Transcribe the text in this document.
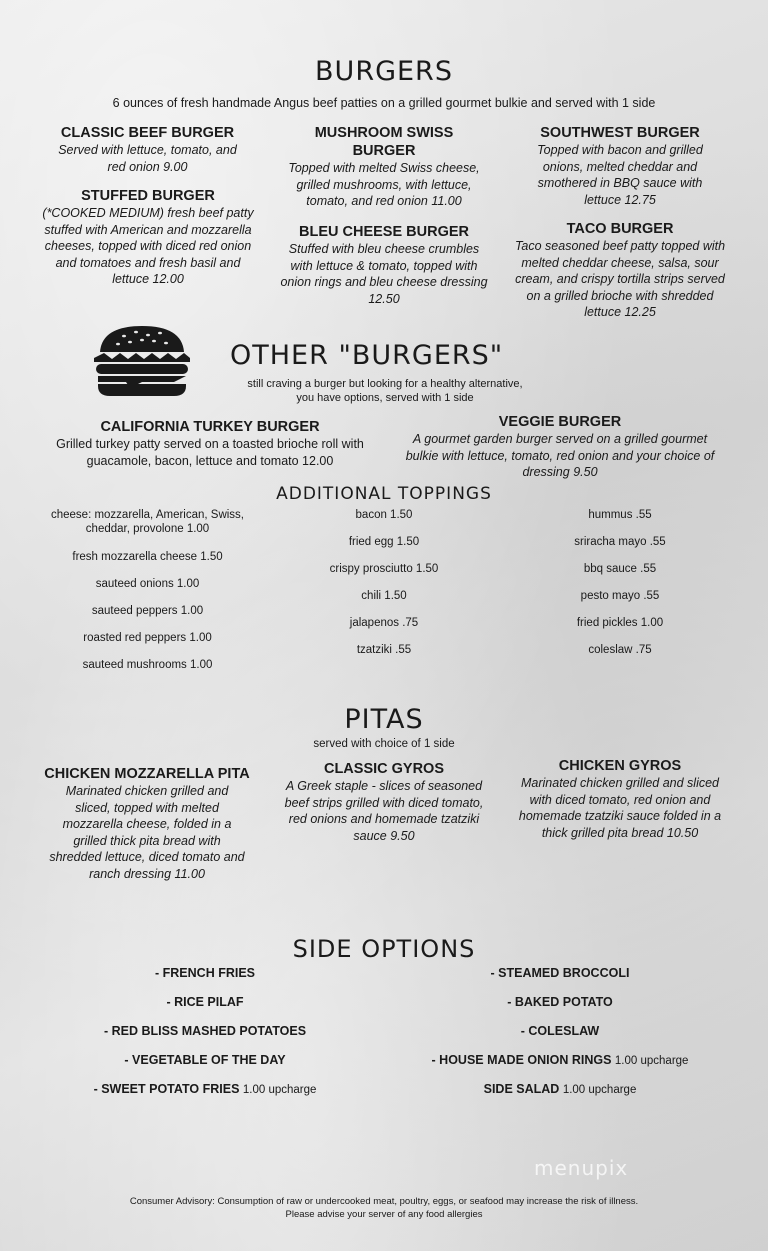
BURGERS
6 ounces of fresh handmade Angus beef patties on a grilled gourmet bulkie and served with 1 side
CLASSIC BEEF BURGER
Served with lettuce, tomato, and red onion 9.00
STUFFED BURGER
(*COOKED MEDIUM) fresh beef patty stuffed with American and mozzarella cheeses, topped with diced red onion and tomatoes and fresh basil and lettuce 12.00
MUSHROOM SWISS BURGER
Topped with melted Swiss cheese, grilled mushrooms, with lettuce, tomato, and red onion 11.00
BLEU CHEESE BURGER
Stuffed with bleu cheese crumbles with lettuce & tomato, topped with onion rings and bleu cheese dressing 12.50
SOUTHWEST BURGER
Topped with bacon and grilled onions, melted cheddar and smothered in BBQ sauce with lettuce 12.75
TACO BURGER
Taco seasoned beef patty topped with melted cheddar cheese, salsa, sour cream, and crispy tortilla strips served on a grilled brioche with shredded lettuce 12.25
OTHER "BURGERS"
still craving a burger but looking for a healthy alternative,
you have options, served with 1 side
CALIFORNIA TURKEY BURGER
Grilled turkey patty served on a toasted brioche roll with guacamole, bacon, lettuce and tomato 12.00
VEGGIE BURGER
A gourmet garden burger served on a grilled gourmet bulkie with lettuce, tomato, red onion and your choice of dressing 9.50
ADDITIONAL TOPPINGS
cheese: mozzarella, American, Swiss, cheddar, provolone 1.00
fresh mozzarella cheese 1.50
sauteed onions 1.00
sauteed peppers 1.00
roasted red peppers 1.00
sauteed mushrooms 1.00
bacon 1.50
fried egg 1.50
crispy prosciutto 1.50
chili 1.50
jalapenos .75
tzatziki .55
hummus .55
sriracha mayo .55
bbq sauce .55
pesto mayo .55
fried pickles 1.00
coleslaw .75
PITAS
served with choice of 1 side
CHICKEN MOZZARELLA PITA
Marinated chicken grilled and sliced, topped with melted mozzarella cheese, folded in a grilled thick pita bread with shredded lettuce, diced tomato and ranch dressing 11.00
CLASSIC GYROS
A Greek staple - slices of seasoned beef strips grilled with diced tomato, red onions and homemade tzatziki sauce 9.50
CHICKEN GYROS
Marinated chicken grilled and sliced with diced tomato, red onion and homemade tzatziki sauce folded in a thick grilled pita bread 10.50
SIDE OPTIONS
- FRENCH FRIES
- RICE PILAF
- RED BLISS MASHED POTATOES
- VEGETABLE OF THE DAY
- SWEET POTATO FRIES 1.00 upcharge
- STEAMED BROCCOLI
- BAKED POTATO
- COLESLAW
- HOUSE MADE ONION RINGS 1.00 upcharge
SIDE SALAD 1.00 upcharge
menupix
Consumer Advisory: Consumption of raw or undercooked meat, poultry, eggs, or seafood may increase the risk of illness.
Please advise your server of any food allergies
